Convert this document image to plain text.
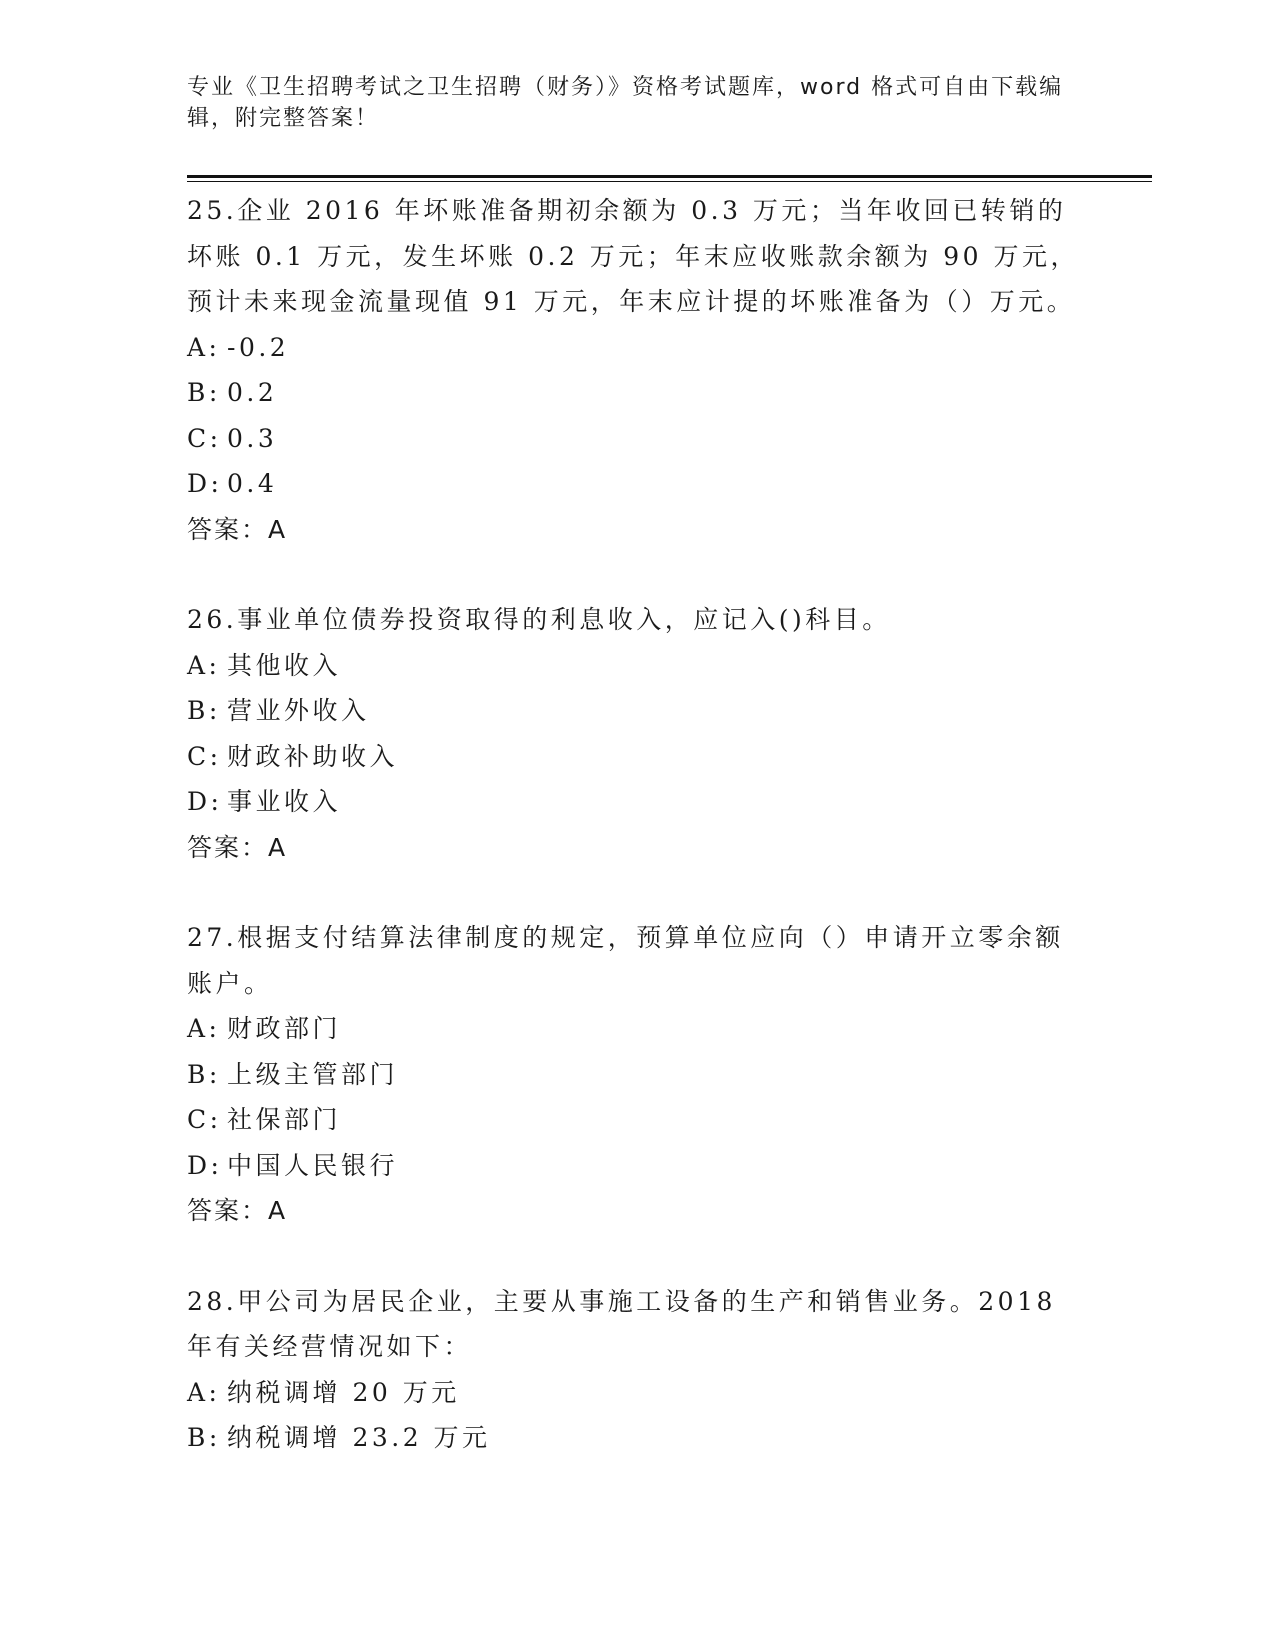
专业《卫生招聘考试之卫生招聘（财务）》资格考试题库，word 格式可自由下载编辑，附完整答案！

25.企业 2016 年坏账准备期初余额为 0.3 万元；当年收回已转销的坏账 0.1 万元，发生坏账 0.2 万元；年末应收账款余额为 90 万元，预计未来现金流量现值 91 万元，年末应计提的坏账准备为（）万元。

A: -0.2

B: 0.2

C: 0.3

D: 0.4

答案：A

26.事业单位债券投资取得的利息收入，应记入()科目。

A: 其他收入

B: 营业外收入

C: 财政补助收入

D: 事业收入

答案：A

27.根据支付结算法律制度的规定，预算单位应向（）申请开立零余额账户。

A: 财政部门

B: 上级主管部门

C: 社保部门

D: 中国人民银行

答案：A

28.甲公司为居民企业，主要从事施工设备的生产和销售业务。2018 年有关经营情况如下：

A: 纳税调增 20 万元

B: 纳税调增 23.2 万元
